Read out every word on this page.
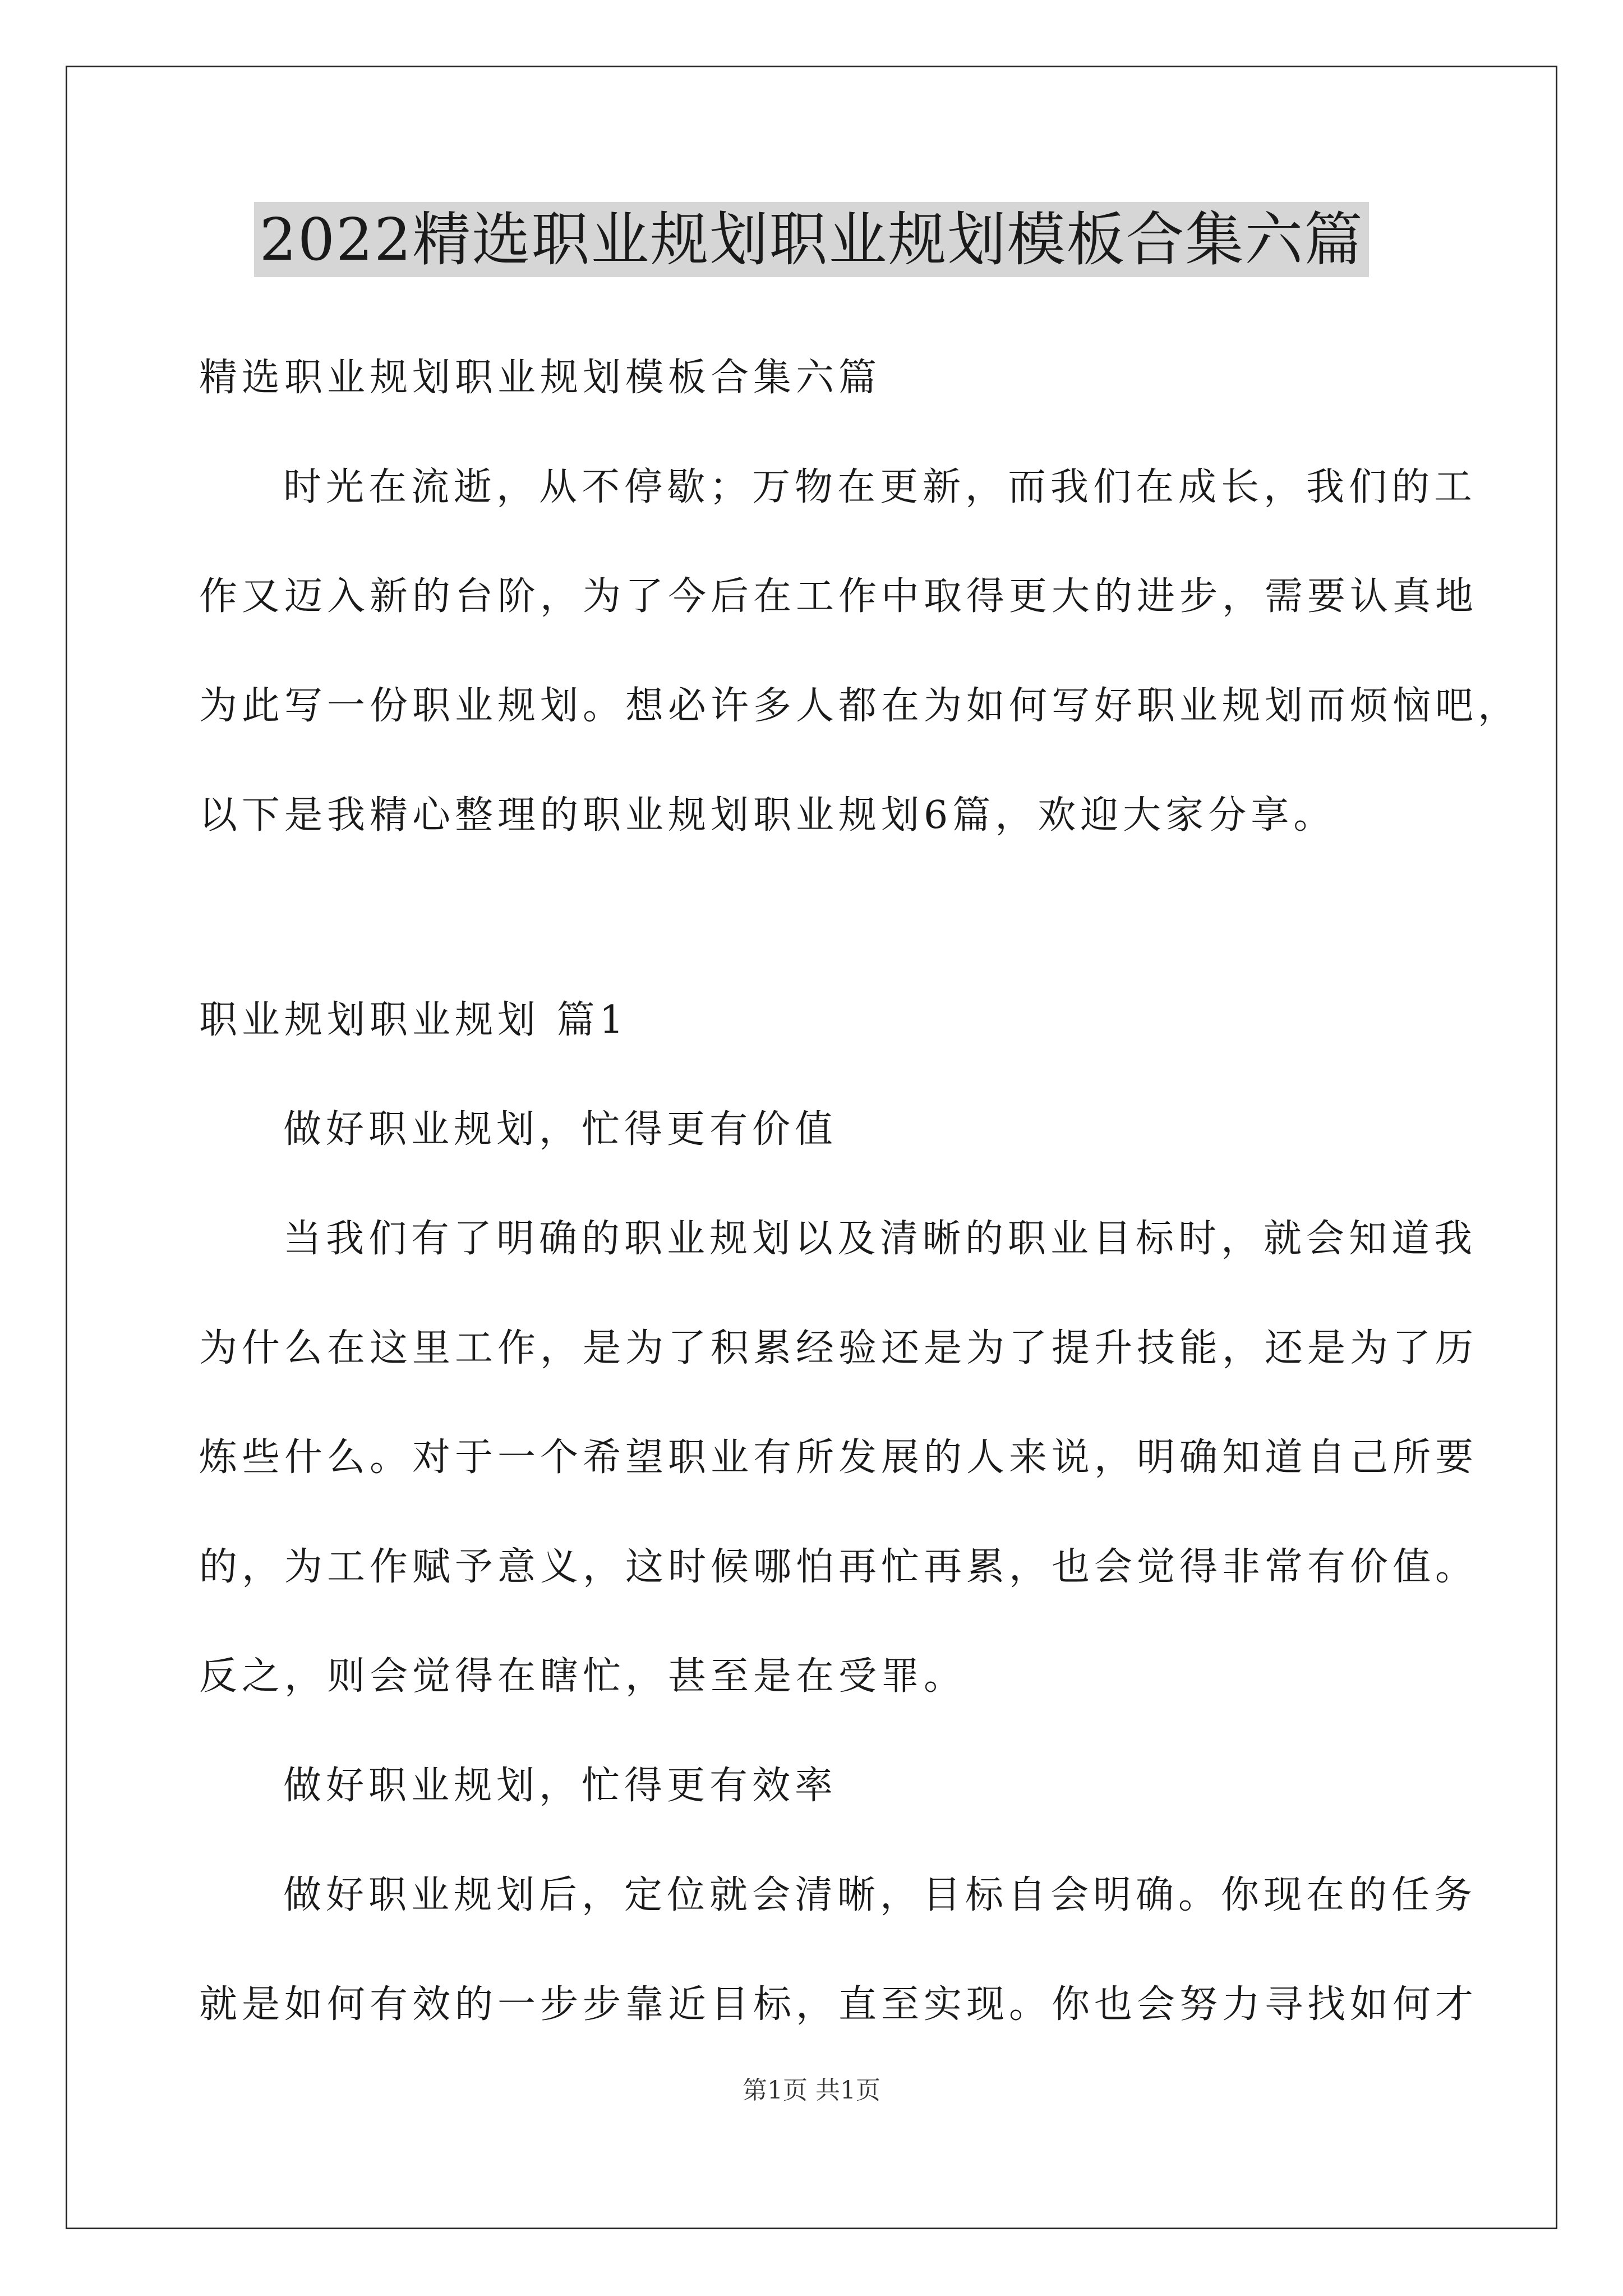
2022精选职业规划职业规划模板合集六篇
精选职业规划职业规划模板合集六篇
时光在流逝，从不停歇；万物在更新，而我们在成长，我们的工
作又迈入新的台阶，为了今后在工作中取得更大的进步，需要认真地
为此写一份职业规划。想必许多人都在为如何写好职业规划而烦恼吧，
以下是我精心整理的职业规划职业规划6篇，欢迎大家分享。
职业规划职业规划 篇1
做好职业规划，忙得更有价值
当我们有了明确的职业规划以及清晰的职业目标时，就会知道我
为什么在这里工作，是为了积累经验还是为了提升技能，还是为了历
炼些什么。对于一个希望职业有所发展的人来说，明确知道自己所要
的，为工作赋予意义，这时候哪怕再忙再累，也会觉得非常有价值。
反之，则会觉得在瞎忙，甚至是在受罪。
做好职业规划，忙得更有效率
做好职业规划后，定位就会清晰，目标自会明确。你现在的任务
就是如何有效的一步步靠近目标，直至实现。你也会努力寻找如何才
第1页 共1页
